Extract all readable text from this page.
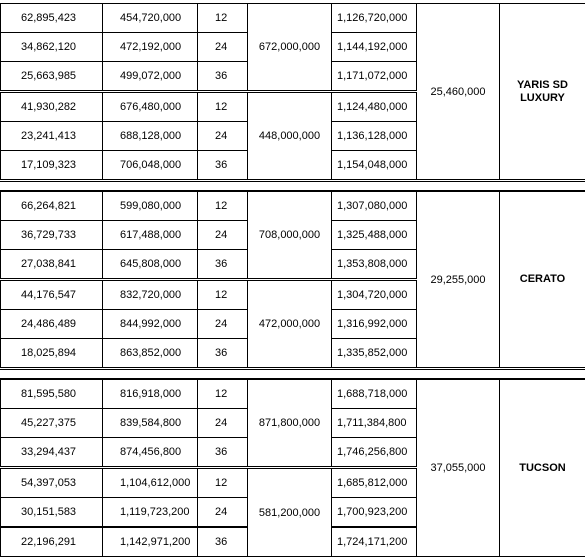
62,895,423	454,720,000	12	672,000,000	1,126,720,000	25,460,000	YARIS SD LUXURY
34,862,120	472,192,000	24		1,144,192,000		
25,663,985	499,072,000	36		1,171,072,000		
41,930,282	676,480,000	12	448,000,000	1,124,480,000		
23,241,413	688,128,000	24		1,136,128,000		
17,109,323	706,048,000	36		1,154,048,000		
66,264,821	599,080,000	12	708,000,000	1,307,080,000	29,255,000	CERATO
36,729,733	617,488,000	24		1,325,488,000		
27,038,841	645,808,000	36		1,353,808,000		
44,176,547	832,720,000	12	472,000,000	1,304,720,000		
24,486,489	844,992,000	24		1,316,992,000		
18,025,894	863,852,000	36		1,335,852,000		
81,595,580	816,918,000	12	871,800,000	1,688,718,000	37,055,000	TUCSON
45,227,375	839,584,800	24		1,711,384,800		
33,294,437	874,456,800	36		1,746,256,800		
54,397,053	1,104,612,000	12	581,200,000	1,685,812,000		
30,151,583	1,119,723,200	24		1,700,923,200		
22,196,291	1,142,971,200	36		1,724,171,200		
